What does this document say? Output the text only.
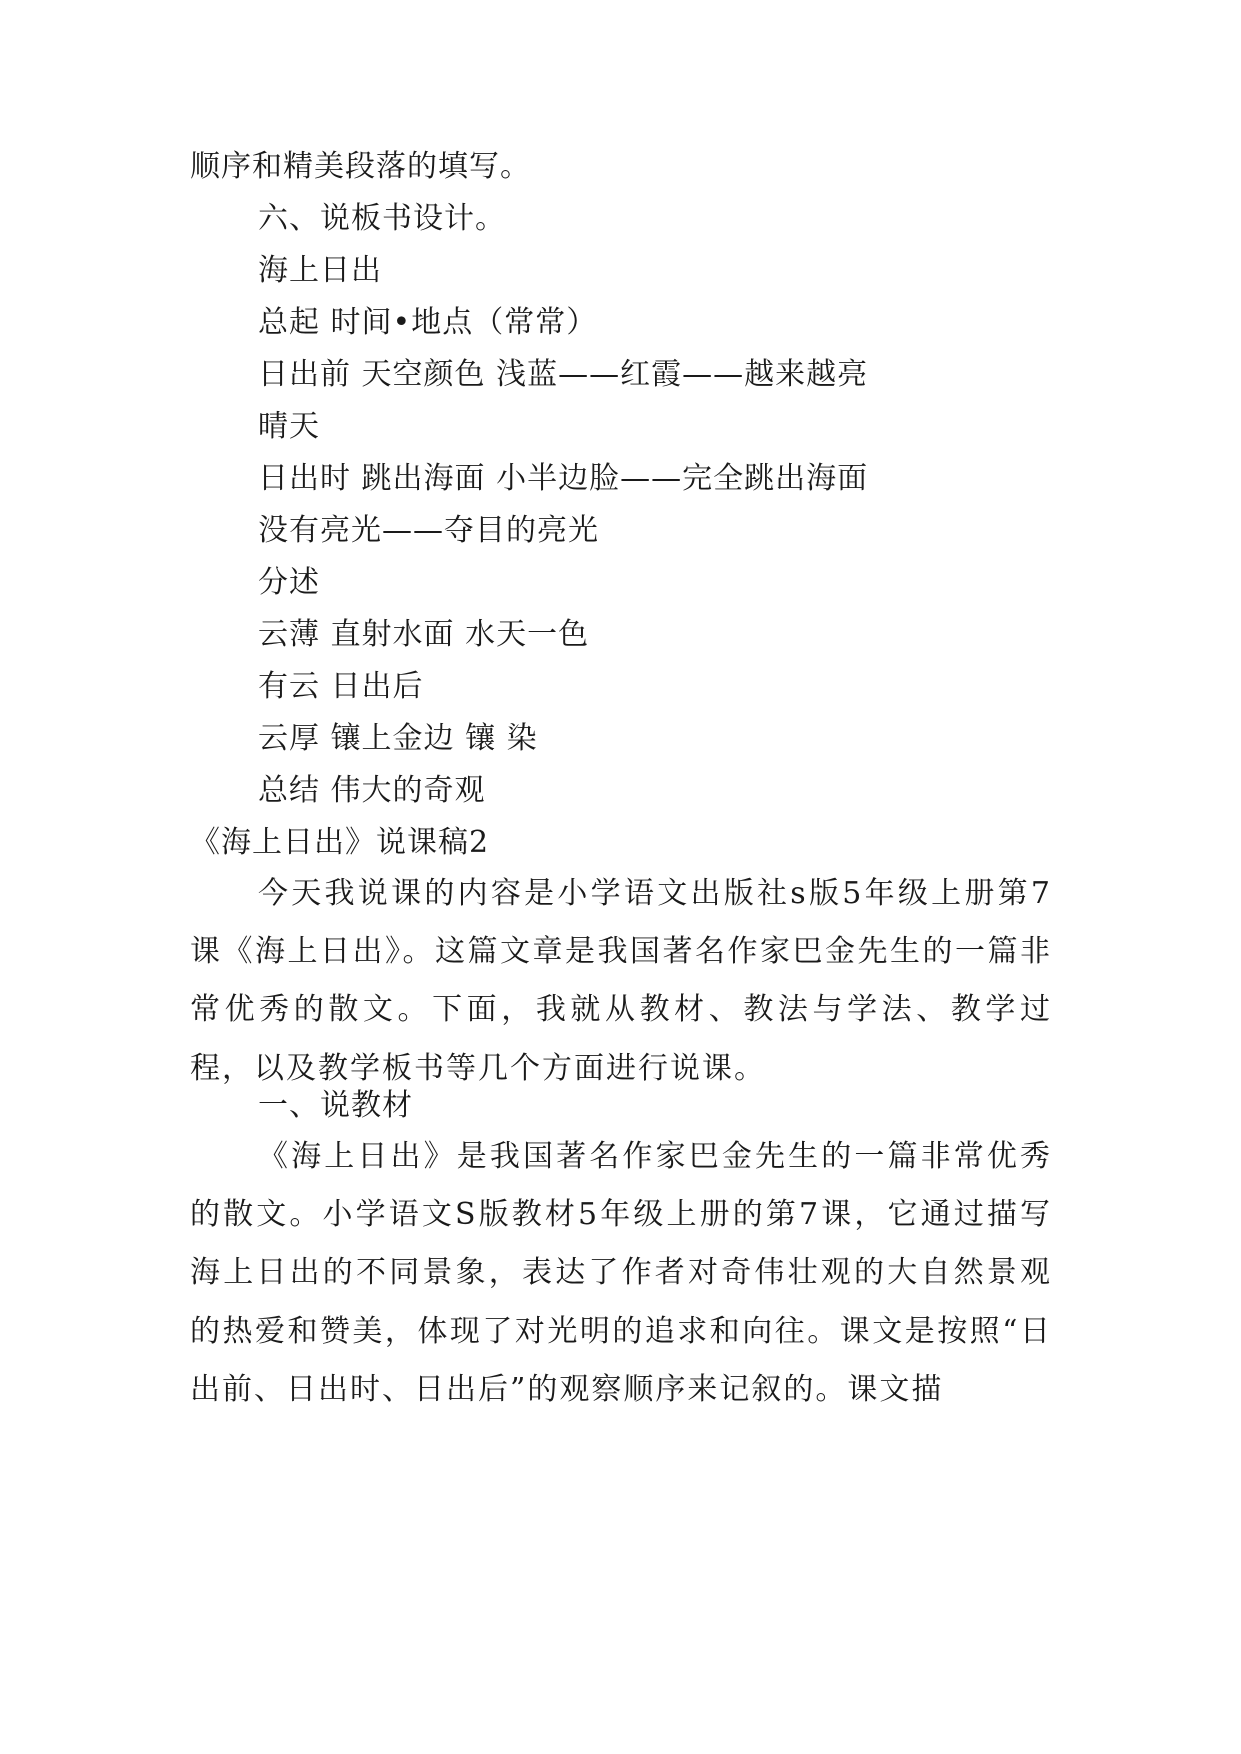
顺序和精美段落的填写。
六、说板书设计。
海上日出
总起 时间•地点（常常）
日出前 天空颜色 浅蓝——红霞——越来越亮
晴天
日出时 跳出海面 小半边脸——完全跳出海面
没有亮光——夺目的亮光
分述
云薄 直射水面 水天一色
有云 日出后
云厚 镶上金边 镶 染
总结 伟大的奇观
《海上日出》说课稿2

今天我说课的内容是小学语文出版社s版5年级上册第7课《海上日出》。这篇文章是我国著名作家巴金先生的一篇非常优秀的散文。下面，我就从教材、教法与学法、教学过程，以及教学板书等几个方面进行说课。

一、说教材

《海上日出》是我国著名作家巴金先生的一篇非常优秀的散文。小学语文S版教材5年级上册的第7课，它通过描写海上日出的不同景象，表达了作者对奇伟壮观的大自然景观的热爱和赞美，体现了对光明的追求和向往。课文是按照“日出前、日出时、日出后”的观察顺序来记叙的。课文描
